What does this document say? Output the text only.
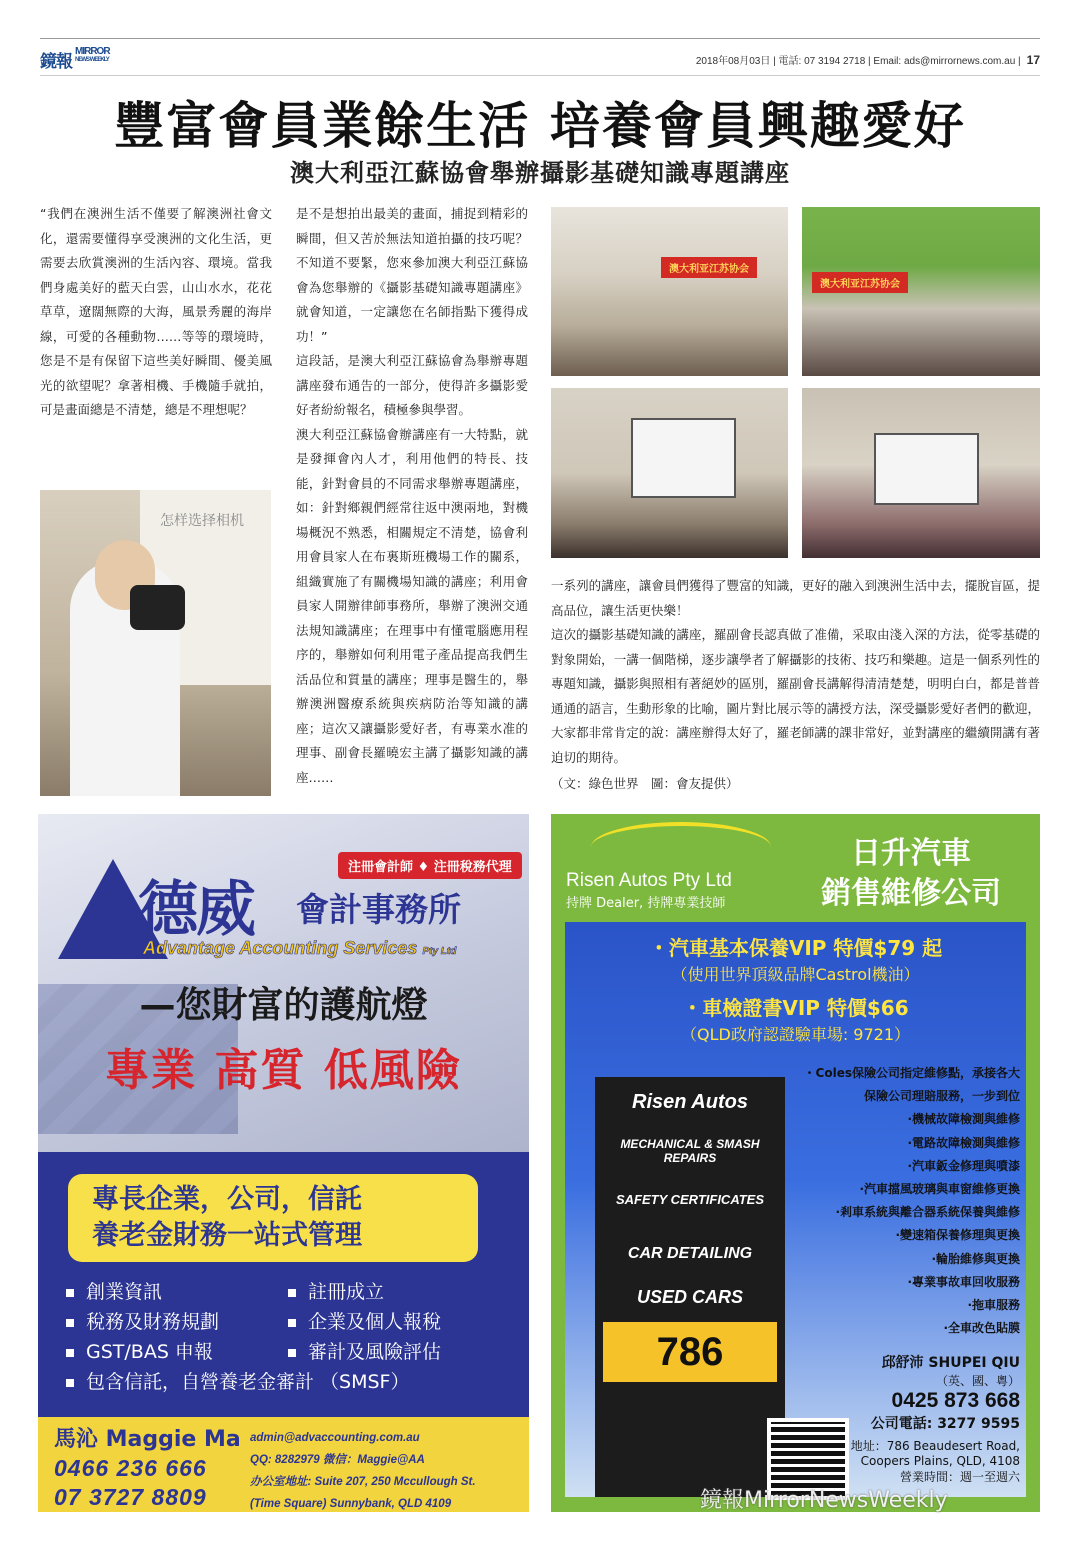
鏡報MIRROR
NEWS WEEKLY	2018年08月03日 | 電話: 07 3194 2718 | Email: ads@mirrornews.com.au | 17
豐富會員業餘生活 培養會員興趣愛好
澳大利亞江蘇協會舉辦攝影基礎知識專題講座

“我們在澳洲生活不僅要了解澳洲社會文化，還需要懂得享受澳洲的文化生活，更需要去欣賞澳洲的生活內容、環境。當我們身處美好的藍天白雲，山山水水，花花草草，遼闊無際的大海，風景秀麗的海岸線，可愛的各種動物……等等的環境時，您是不是有保留下這些美好瞬間、優美風光的欲望呢？拿著相機、手機隨手就拍，可是畫面總是不清楚，總是不理想呢？

怎样选择相机

是不是想拍出最美的畫面，捕捉到精彩的瞬間，但又苦於無法知道拍攝的技巧呢？不知道不要緊，您來參加澳大利亞江蘇協會為您舉辦的《攝影基礎知識專題講座》就會知道，一定讓您在名師指點下獲得成功！”

這段話，是澳大利亞江蘇協會為舉辦專題講座發布通告的一部分，使得許多攝影愛好者紛紛報名，積極參與學習。

澳大利亞江蘇協會辦講座有一大特點，就是發揮會內人才，利用他們的特長、技能，針對會員的不同需求舉辦專題講座，如：針對鄉親們經常往返中澳兩地，對機場概況不熟悉，相關規定不清楚，協會利用會員家人在布裏斯班機場工作的關系，組織實施了有關機場知識的講座；利用會員家人開辦律師事務所，舉辦了澳洲交通法規知識講座；在理事中有懂電腦應用程序的，舉辦如何利用電子產品提高我們生活品位和質量的講座；理事是醫生的，舉辦澳洲醫療系統與疾病防治等知識的講座；這次又讓攝影愛好者，有專業水准的理事、副會長羅曉宏主講了攝影知識的講座……

澳大利亚江苏协会
澳大利亚江苏协会

一系列的講座，讓會員們獲得了豐富的知識，更好的融入到澳洲生活中去，擺脫盲區，提高品位，讓生活更快樂！

這次的攝影基礎知識的講座，羅副會長認真做了准備，采取由淺入深的方法，從零基礎的對象開始，一講一個階梯，逐步讓學者了解攝影的技術、技巧和樂趣。這是一個系列性的專題知識，攝影與照相有著絕妙的區別，羅副會長講解得清清楚楚，明明白白，都是普普通通的語言，生動形象的比喻，圖片對比展示等的講授方法，深受攝影愛好者們的歡迎，大家都非常肯定的說：講座辦得太好了，羅老師講的課非常好，並對講座的繼續開講有著迫切的期待。

（文：綠色世界　圖：會友提供）

注冊會計師 ♦ 注冊稅務代理
德威 會計事務所
Advantage Accounting Services Pty Ltd
—您財富的護航燈
專業 高質 低風險
專長企業，公司，信託
養老金財務一站式管理
創業資訊
稅務及財務規劃
GST/BAS 申報
包含信託，自營養老金審計 （SMSF）
註冊成立
企業及個人報稅
審計及風險評估
馬沁 Maggie Ma
0466 236 666
07 3727 8809
admin@advaccounting.com.au
QQ: 8282979 微信：Maggie@AA
办公室地址: Suite 207, 250 Mccullough St.
(Time Square) Sunnybank, QLD 4109
Risen Autos Pty Ltd
持牌 Dealer, 持牌專業技師
日升汽車
銷售維修公司
・汽車基本保養VIP 特價$79 起
（使用世界頂級品牌Castrol機油）
・車檢證書VIP 特價$66
（QLD政府認證驗車場: 9721）
Risen Autos
MECHANICAL & SMASH REPAIRS
SAFETY CERTIFICATES
CAR DETAILING
USED CARS
786
・Coles保險公司指定維修點，承接各大
保險公司理賠服務，一步到位
·機械故障檢測與維修
·電路故障檢測與維修
·汽車鈑金修理與噴漆
·汽車擋風玻璃與車窗維修更換
·剎車系統與離合器系統保養與維修
·變速箱保養修理與更換
·輪胎維修與更換
·專業事故車回收服務
·拖車服務
·全車改色貼膜
邱舒沛 SHUPEI QIU
（英、國、粵）
0425 873 668
公司電話: 3277 9595
地址：786 Beaudesert Road,
Coopers Plains, QLD, 4108
營業時間：週一至週六
鏡報MirrorNewsWeekly
